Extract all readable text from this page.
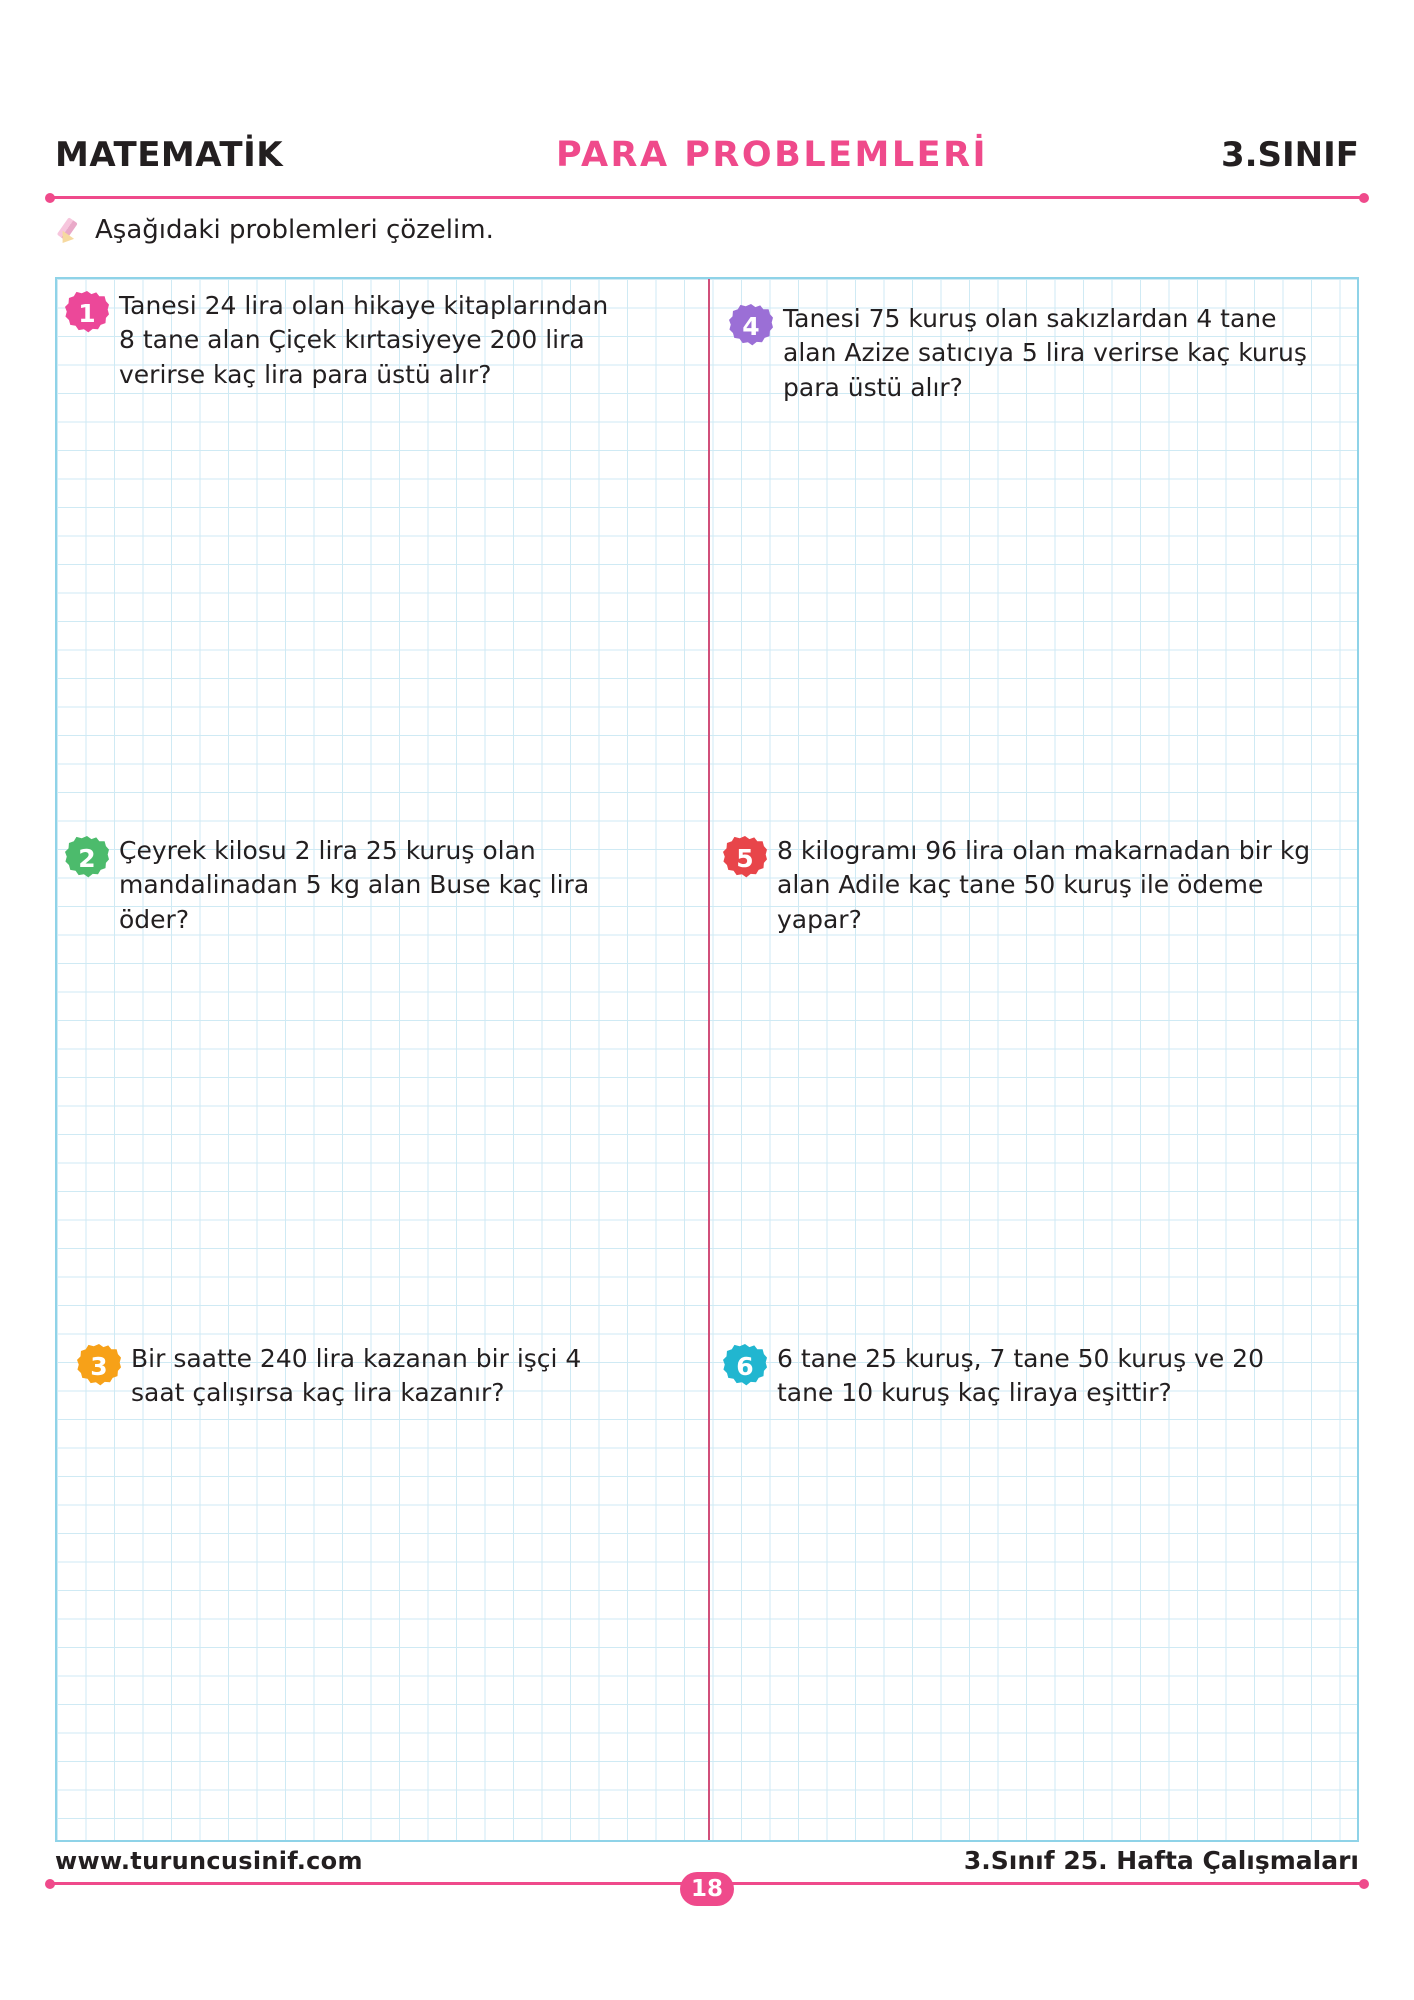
MATEMATİK	PARA PROBLEMLERİ	3.SINIF
Aşağıdaki problemleri çözelim.
1 Tanesi 24 lira olan hikaye kitaplarından 8 tane alan Çiçek kırtasiyeye 200 lira verirse kaç lira para üstü alır?
2 Çeyrek kilosu 2 lira 25 kuruş olan mandalinadan 5 kg alan Buse kaç lira öder?
3 Bir saatte 240 lira kazanan bir işçi 4 saat çalışırsa kaç lira kazanır?
4 Tanesi 75 kuruş olan sakızlardan 4 tane alan Azize satıcıya 5 lira verirse kaç kuruş para üstü alır?
5 8 kilogramı 96 lira olan makarnadan bir kg alan Adile kaç tane 50 kuruş ile ödeme yapar?
6 6 tane 25 kuruş, 7 tane 50 kuruş ve 20 tane 10 kuruş kaç liraya eşittir?
www.turuncusinif.com	3.Sınıf 25. Hafta Çalışmaları
18
